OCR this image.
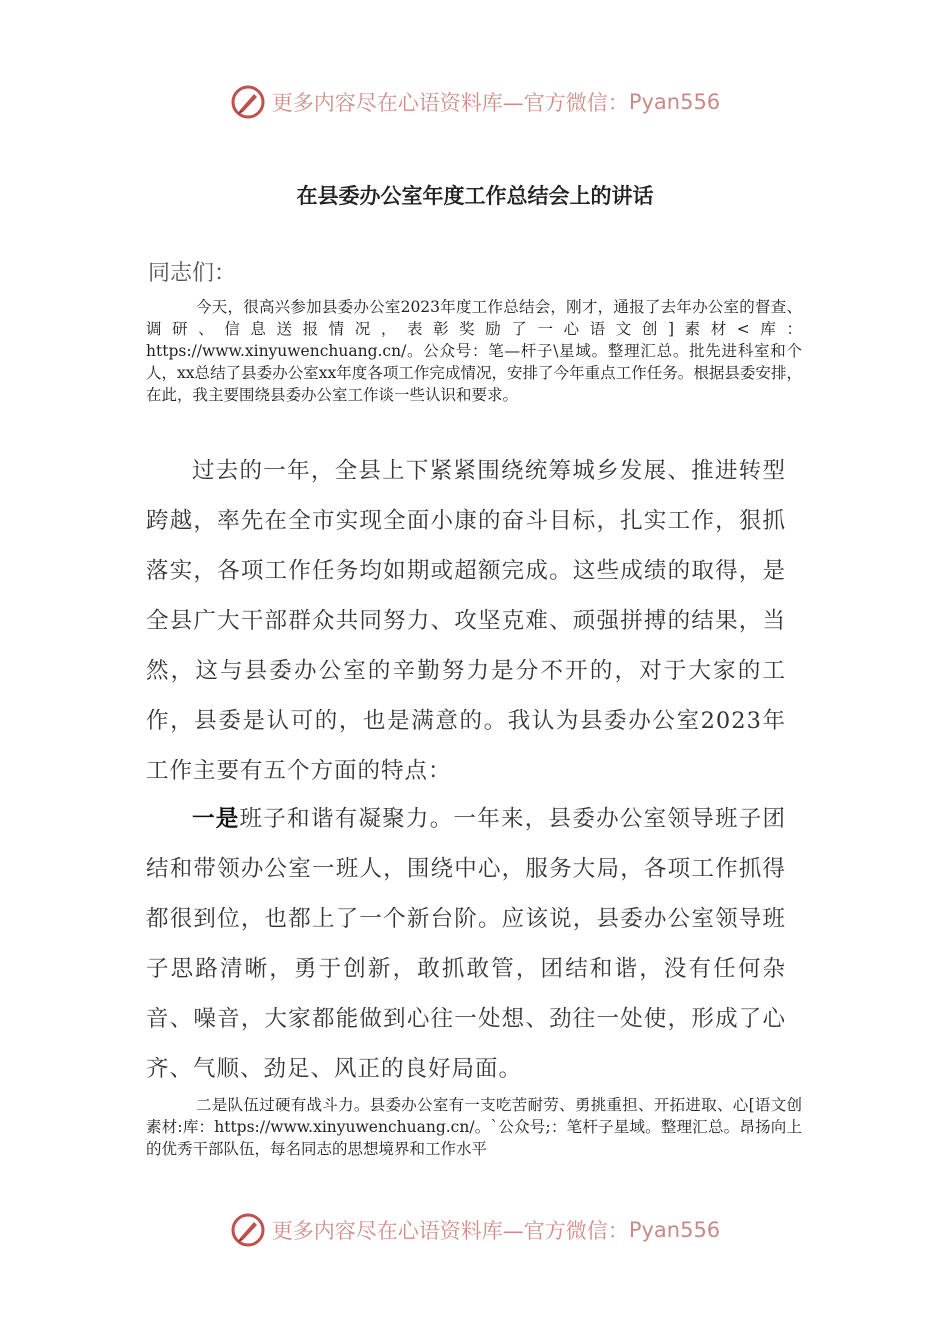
更多内容尽在心语资料库—官方微信： Pyan556
在县委办公室年度工作总结会上的讲话
同志们：
今天，很高兴参加县委办公室2023年度工作总结会，刚才，通报了去年办公室的督查、调研、信息送报情况，表彰奖励了一心语文创]素材<库：https://www.xinyuwenchuang.cn/。公众号：笔—杆子\星域。整理汇总。批先进科室和个人，xx总结了县委办公室xx年度各项工作完成情况，安排了今年重点工作任务。根据县委安排，在此，我主要围绕县委办公室工作谈一些认识和要求。
过去的一年，全县上下紧紧围绕统筹城乡发展、推进转型跨越，率先在全市实现全面小康的奋斗目标，扎实工作，狠抓落实，各项工作任务均如期或超额完成。这些成绩的取得，是全县广大干部群众共同努力、攻坚克难、顽强拼搏的结果，当然，这与县委办公室的辛勤努力是分不开的，对于大家的工作，县委是认可的，也是满意的。我认为县委办公室2023年工作主要有五个方面的特点：
一是班子和谐有凝聚力。一年来，县委办公室领导班子团结和带领办公室一班人，围绕中心，服务大局，各项工作抓得都很到位，也都上了一个新台阶。应该说，县委办公室领导班子思路清晰，勇于创新，敢抓敢管，团结和谐，没有任何杂音、噪音，大家都能做到心往一处想、劲往一处使，形成了心齐、气顺、劲足、风正的良好局面。
二是队伍过硬有战斗力。县委办公室有一支吃苦耐劳、勇挑重担、开拓进取、心[语文创素材:库：https://www.xinyuwenchuang.cn/。`公众号;：笔杆子星域。整理汇总。昂扬向上的优秀干部队伍，每名同志的思想境界和工作水平
更多内容尽在心语资料库—官方微信： Pyan556
